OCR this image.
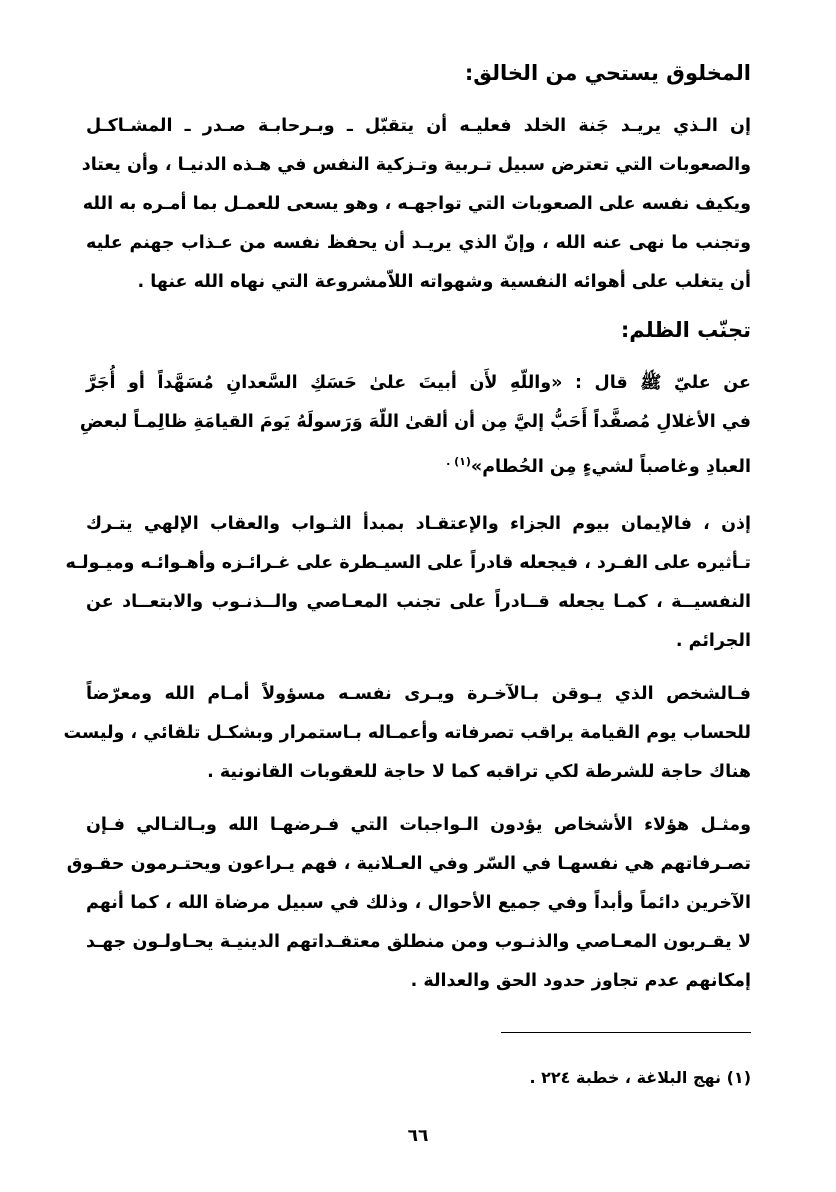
المخلوق يستحي من الخالق:
إن الـذي يريـد جَنة الخلد فعليـه أن يتقبّل ـ وبـرحابـة صـدر ـ المشـاكـل
والصعوبات التي تعترض سبيل تـربية وتـزكية النفس في هـذه الدنيـا ، وأن يعتاد
ويكيف نفسه على الصعوبات التي تواجهـه ، وهو يسعى للعمـل بما أمـره به الله
وتجنب ما نهى عنه الله ، وإنّ الذي يريـد أن يحفظ نفسه من عـذاب جهنم عليه
أن يتغلب على أهوائه النفسية وشهواته اللاّمشروعة التي نهاه الله عنها .
تجنّب الظلم:
عن عليّ ﷺ قال : «واللّهِ لأَن أبيتَ علىٰ حَسَكِ السَّعدانِ مُسَهَّداً أو أُجَرَّ
في الأغلالِ مُصفَّداً أَحَبُّ إليَّ مِن أن ألقىٰ اللّهَ وَرَسولَهُ يَومَ القيامَةِ ظالِمـاً لبعضِ
العبادِ وغاصباً لشيءٍ مِن الحُطام»$^{(١) .}$
إذن ، فالإيمان بيوم الجزاء والإعتقـاد بمبدأ الثـواب والعقاب الإلهي يتـرك
تـأثيره على الفـرد ، فيجعله قادراً على السيـطرة على غـرائـزه وأهـوائـه وميـولـه
النفسيــة ، كمـا يجعله قــادراً على تجنب المعـاصي والــذنـوب والابتعــاد عن
الجرائم .
فـالشخص الذي يـوقن بـالآخـرة ويـرى نفسـه مسؤولاً أمـام الله ومعرّضاً
للحساب يوم القيامة يراقب تصرفاته وأعمـاله بـاستمرار وبشكـل تلقائي ، وليست
هناك حاجة للشرطة لكي تراقبه كما لا حاجة للعقوبات القانونية .
ومثـل هؤلاء الأشخاص يؤدون الـواجبات التي فـرضهـا الله وبـالتـالي فـإن
تصـرفاتهم هي نفسهـا في السّر وفي العـلانية ، فهم يـراعون ويحتـرمون حقـوق
الآخرين دائماً وأبداً وفي جميع الأحوال ، وذلك في سبيل مرضاة الله ، كما أنهم
لا يقـربون المعـاصي والذنـوب ومن منطلق معتقـداتهم الدينيـة يحـاولـون جهـد
إمكانهم عدم تجاوز حدود الحق والعدالة .
(١) نهج البلاغة ، خطبة ٢٢٤ .
٦٦
